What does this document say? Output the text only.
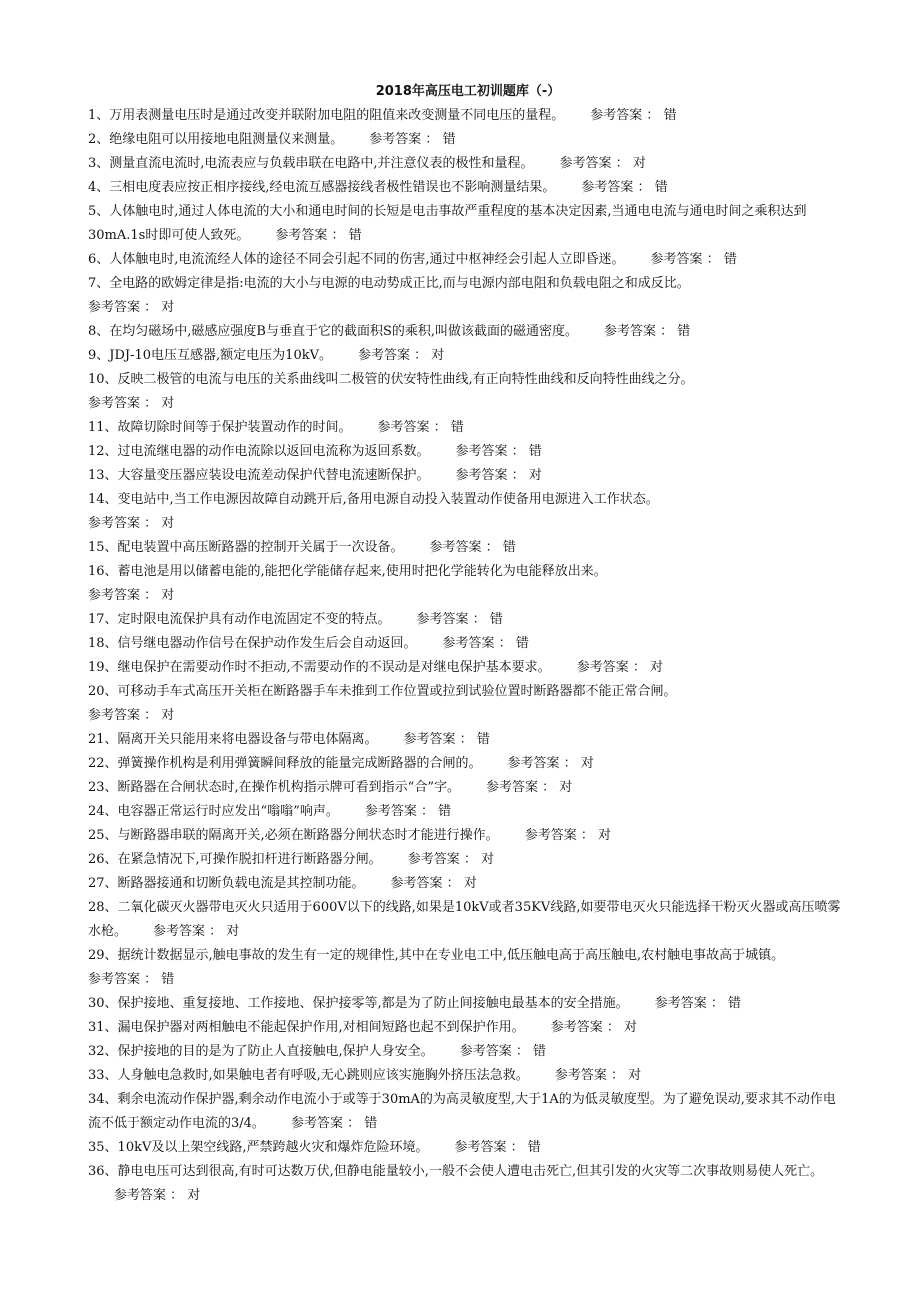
2018年高压电工初训题库（-）
1、万用表测量电压时是通过改变并联附加电阻的阻值来改变测量不同电压的量程。 参考答案 ： 错
2、绝缘电阻可以用接地电阻测量仪来测量。 参考答案 ： 错
3、测量直流电流时,电流表应与负载串联在电路中,并注意仪表的极性和量程。 参考答案 ： 对
4、三相电度表应按正相序接线,经电流互感器接线者极性错误也不影响测量结果。 参考答案 ： 错
5、人体触电时,通过人体电流的大小和通电时间的长短是电击事故严重程度的基本决定因素,当通电电流与通电时间之乘积达到30mA.1s时即可使人致死。 参考答案 ： 错
6、人体触电时,电流流经人体的途径不同会引起不同的伤害,通过中枢神经会引起人立即昏迷。 参考答案 ： 错
7、全电路的欧姆定律是指:电流的大小与电源的电动势成正比,而与电源内部电阻和负载电阻之和成反比。
参考答案 ： 对
8、在均匀磁场中,磁感应强度B与垂直于它的截面积S的乘积,叫做该截面的磁通密度。 参考答案 ： 错
9、JDJ-10电压互感器,额定电压为10kV。 参考答案 ： 对
10、反映二极管的电流与电压的关系曲线叫二极管的伏安特性曲线,有正向特性曲线和反向特性曲线之分。
参考答案 ： 对
11、故障切除时间等于保护装置动作的时间。 参考答案 ： 错
12、过电流继电器的动作电流除以返回电流称为返回系数。 参考答案 ： 错
13、大容量变压器应装设电流差动保护代替电流速断保护。 参考答案 ： 对
14、变电站中,当工作电源因故障自动跳开后,备用电源自动投入装置动作使备用电源进入工作状态。
参考答案 ： 对
15、配电装置中高压断路器的控制开关属于一次设备。 参考答案 ： 错
16、蓄电池是用以储蓄电能的,能把化学能储存起来,使用时把化学能转化为电能释放出来。
参考答案 ： 对
17、定时限电流保护具有动作电流固定不变的特点。 参考答案 ： 错
18、信号继电器动作信号在保护动作发生后会自动返回。 参考答案 ： 错
19、继电保护在需要动作时不拒动,不需要动作的不误动是对继电保护基本要求。 参考答案 ： 对
20、可移动手车式高压开关柜在断路器手车未推到工作位置或拉到试验位置时断路器都不能正常合闸。
参考答案 ： 对
21、隔离开关只能用来将电器设备与带电体隔离。 参考答案 ： 错
22、弹簧操作机构是利用弹簧瞬间释放的能量完成断路器的合闸的。 参考答案 ： 对
23、断路器在合闸状态时,在操作机构指示牌可看到指示“合”字。 参考答案 ： 对
24、电容器正常运行时应发出“嗡嗡”响声。 参考答案 ： 错
25、与断路器串联的隔离开关,必须在断路器分闸状态时才能进行操作。 参考答案 ： 对
26、在紧急情况下,可操作脱扣杆进行断路器分闸。 参考答案 ： 对
27、断路器接通和切断负载电流是其控制功能。 参考答案 ： 对
28、二氧化碳灭火器带电灭火只适用于600V以下的线路,如果是10kV或者35KV线路,如要带电灭火只能选择干粉灭火器或高压喷雾水枪。 参考答案 ： 对
29、据统计数据显示,触电事故的发生有一定的规律性,其中在专业电工中,低压触电高于高压触电,农村触电事故高于城镇。
参考答案 ： 错
30、保护接地、重复接地、工作接地、保护接零等,都是为了防止间接触电最基本的安全措施。 参考答案 ： 错
31、漏电保护器对两相触电不能起保护作用,对相间短路也起不到保护作用。 参考答案 ： 对
32、保护接地的目的是为了防止人直接触电,保护人身安全。 参考答案 ： 错
33、人身触电急救时,如果触电者有呼吸,无心跳则应该实施胸外挤压法急救。 参考答案 ： 对
34、剩余电流动作保护器,剩余动作电流小于或等于30mA的为高灵敏度型,大于1A的为低灵敏度型。为了避免误动,要求其不动作电流不低于额定动作电流的3/4。 参考答案 ： 错
35、10kV及以上架空线路,严禁跨越火灾和爆炸危险环境。 参考答案 ： 错
36、静电电压可达到很高,有时可达数万伏,但静电能量较小,一般不会使人遭电击死亡,但其引发的火灾等二次事故则易使人死亡。参考答案 ： 对
